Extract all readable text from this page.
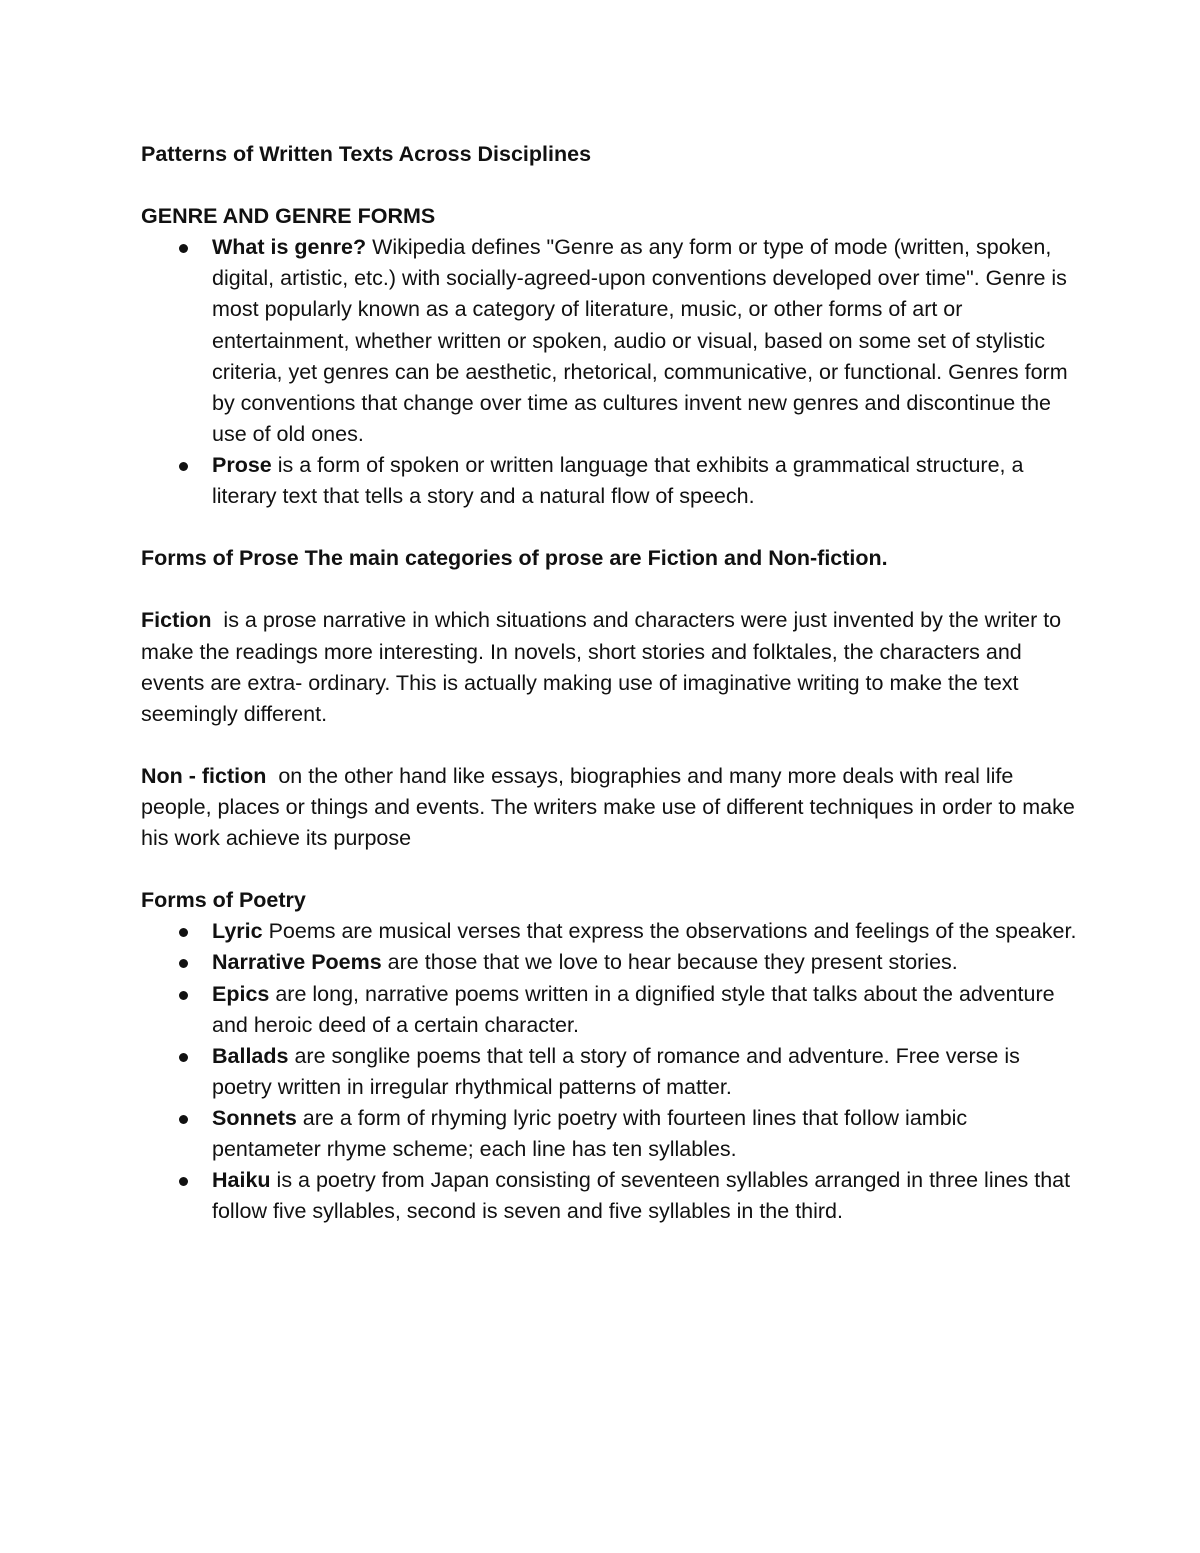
Patterns of Written Texts Across Disciplines

GENRE AND GENRE FORMS

What is genre? Wikipedia defines "Genre as any form or type of mode (written, spoken, digital, artistic, etc.) with socially-agreed-upon conventions developed over time". Genre is most popularly known as a category of literature, music, or other forms of art or entertainment, whether written or spoken, audio or visual, based on some set of stylistic criteria, yet genres can be aesthetic, rhetorical, communicative, or functional. Genres form by conventions that change over time as cultures invent new genres and discontinue the use of old ones.
Prose is a form of spoken or written language that exhibits a grammatical structure, a literary text that tells a story and a natural flow of speech.

Forms of Prose The main categories of prose are Fiction and Non-fiction.

Fiction  is a prose narrative in which situations and characters were just invented by the writer to make the readings more interesting. In novels, short stories and folktales, the characters and events are extra- ordinary. This is actually making use of imaginative writing to make the text seemingly different.

Non - fiction  on the other hand like essays, biographies and many more deals with real life people, places or things and events. The writers make use of different techniques in order to make his work achieve its purpose

Forms of Poetry

Lyric Poems are musical verses that express the observations and feelings of the speaker.
Narrative Poems are those that we love to hear because they present stories.
Epics are long, narrative poems written in a dignified style that talks about the adventure and heroic deed of a certain character.
Ballads are songlike poems that tell a story of romance and adventure. Free verse is poetry written in irregular rhythmical patterns of matter.
Sonnets are a form of rhyming lyric poetry with fourteen lines that follow iambic pentameter rhyme scheme; each line has ten syllables.
Haiku is a poetry from Japan consisting of seventeen syllables arranged in three lines that follow five syllables, second is seven and five syllables in the third.
